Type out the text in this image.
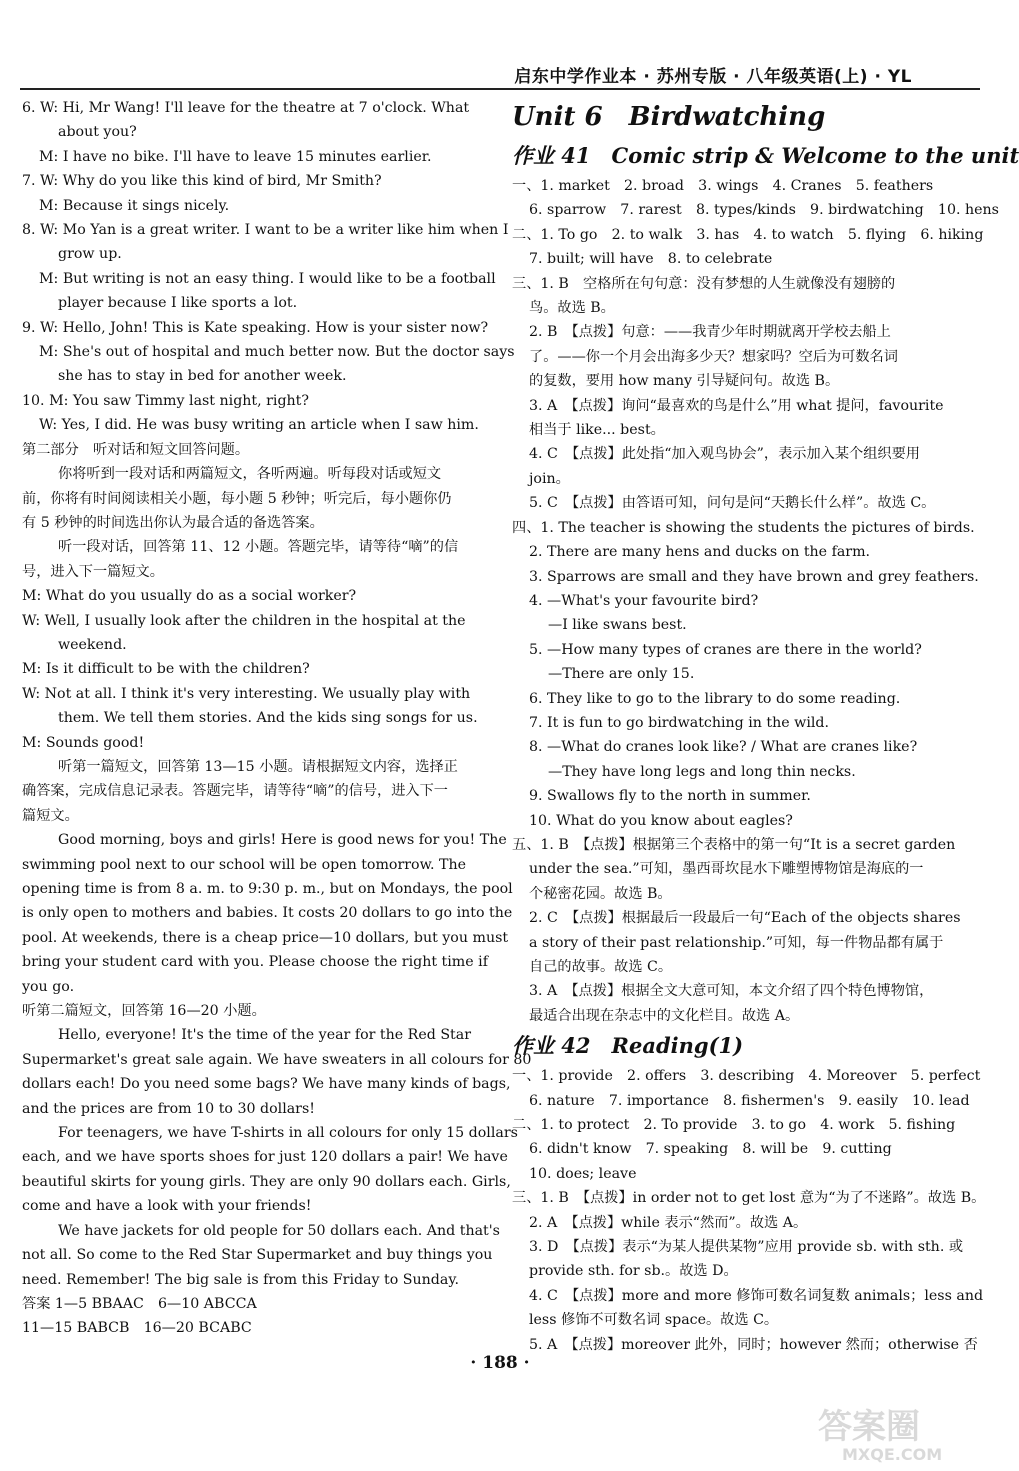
启东中学作业本 · 苏州专版 · 八年级英语(上) · YL
6. W: Hi, Mr Wang! I'll leave for the theatre at 7 o'clock. What
about you?
M: I have no bike. I'll have to leave 15 minutes earlier.
7. W: Why do you like this kind of bird, Mr Smith?
M: Because it sings nicely.
8. W: Mo Yan is a great writer. I want to be a writer like him when I
grow up.
M: But writing is not an easy thing. I would like to be a football
player because I like sports a lot.
9. W: Hello, John! This is Kate speaking. How is your sister now?
M: She's out of hospital and much better now. But the doctor says
she has to stay in bed for another week.
10. M: You saw Timmy last night, right?
W: Yes, I did. He was busy writing an article when I saw him.
第二部分　听对话和短文回答问题。
你将听到一段对话和两篇短文，各听两遍。听每段对话或短文
前，你将有时间阅读相关小题，每小题 5 秒钟；听完后，每小题你仍
有 5 秒钟的时间选出你认为最合适的备选答案。
听一段对话，回答第 11、12 小题。答题完毕，请等待“嘀”的信
号，进入下一篇短文。
M: What do you usually do as a social worker?
W: Well, I usually look after the children in the hospital at the
weekend.
M: Is it difficult to be with the children?
W: Not at all. I think it's very interesting. We usually play with
them. We tell them stories. And the kids sing songs for us.
M: Sounds good!
听第一篇短文，回答第 13—15 小题。请根据短文内容，选择正
确答案，完成信息记录表。答题完毕，请等待“嘀”的信号，进入下一
篇短文。
Good morning, boys and girls! Here is good news for you! The
swimming pool next to our school will be open tomorrow. The
opening time is from 8 a. m. to 9:30 p. m., but on Mondays, the pool
is only open to mothers and babies. It costs 20 dollars to go into the
pool. At weekends, there is a cheap price—10 dollars, but you must
bring your student card with you. Please choose the right time if
you go.
听第二篇短文，回答第 16—20 小题。
Hello, everyone! It's the time of the year for the Red Star
Supermarket's great sale again. We have sweaters in all colours for 80
dollars each! Do you need some bags? We have many kinds of bags,
and the prices are from 10 to 30 dollars!
For teenagers, we have T-shirts in all colours for only 15 dollars
each, and we have sports shoes for just 120 dollars a pair! We have
beautiful skirts for young girls. They are only 90 dollars each. Girls,
come and have a look with your friends!
We have jackets for old people for 50 dollars each. And that's
not all. So come to the Red Star Supermarket and buy things you
need. Remember! The big sale is from this Friday to Sunday.
答案 1—5 BBAAC　6—10 ABCCA
11—15 BABCB　16—20 BCABC
Unit 6　Birdwatching
作业 41　Comic strip & Welcome to the unit
一、1. market　2. broad　3. wings　4. Cranes　5. feathers
6. sparrow　7. rarest　8. types/kinds　9. birdwatching　10. hens
二、1. To go　2. to walk　3. has　4. to watch　5. flying　6. hiking
7. built; will have　8. to celebrate
三、1. B　空格所在句句意：没有梦想的人生就像没有翅膀的
鸟。故选 B。
2. B　【点拨】句意：——我青少年时期就离开学校去船上
了。——你一个月会出海多少天？想家吗？空后为可数名词
的复数，要用 how many 引导疑问句。故选 B。
3. A　【点拨】询问“最喜欢的鸟是什么”用 what 提问，favourite
相当于 like... best。
4. C　【点拨】此处指“加入观鸟协会”，表示加入某个组织要用
join。
5. C　【点拨】由答语可知，问句是问“天鹅长什么样”。故选 C。
四、1. The teacher is showing the students the pictures of birds.
2. There are many hens and ducks on the farm.
3. Sparrows are small and they have brown and grey feathers.
4. —What's your favourite bird?
—I like swans best.
5. —How many types of cranes are there in the world?
—There are only 15.
6. They like to go to the library to do some reading.
7. It is fun to go birdwatching in the wild.
8. —What do cranes look like? / What are cranes like?
—They have long legs and long thin necks.
9. Swallows fly to the north in summer.
10. What do you know about eagles?
五、1. B　【点拨】根据第三个表格中的第一句“It is a secret garden
under the sea.”可知，墨西哥坎昆水下雕塑博物馆是海底的一
个秘密花园。故选 B。
2. C　【点拨】根据最后一段最后一句“Each of the objects shares
a story of their past relationship.”可知，每一件物品都有属于
自己的故事。故选 C。
3. A　【点拨】根据全文大意可知，本文介绍了四个特色博物馆，
最适合出现在杂志中的文化栏目。故选 A。
作业 42　Reading(1)
一、1. provide　2. offers　3. describing　4. Moreover　5. perfect
6. nature　7. importance　8. fishermen's　9. easily　10. lead
二、1. to protect　2. To provide　3. to go　4. work　5. fishing
6. didn't know　7. speaking　8. will be　9. cutting
10. does; leave
三、1. B　【点拨】in order not to get lost 意为“为了不迷路”。故选 B。
2. A　【点拨】while 表示“然而”。故选 A。
3. D　【点拨】表示“为某人提供某物”应用 provide sb. with sth. 或
provide sth. for sb.。故选 D。
4. C　【点拨】more and more 修饰可数名词复数 animals；less and
less 修饰不可数名词 space。故选 C。
5. A　【点拨】moreover 此外，同时；however 然而；otherwise 否
· 188 ·
答案圈
MXQE.COM
